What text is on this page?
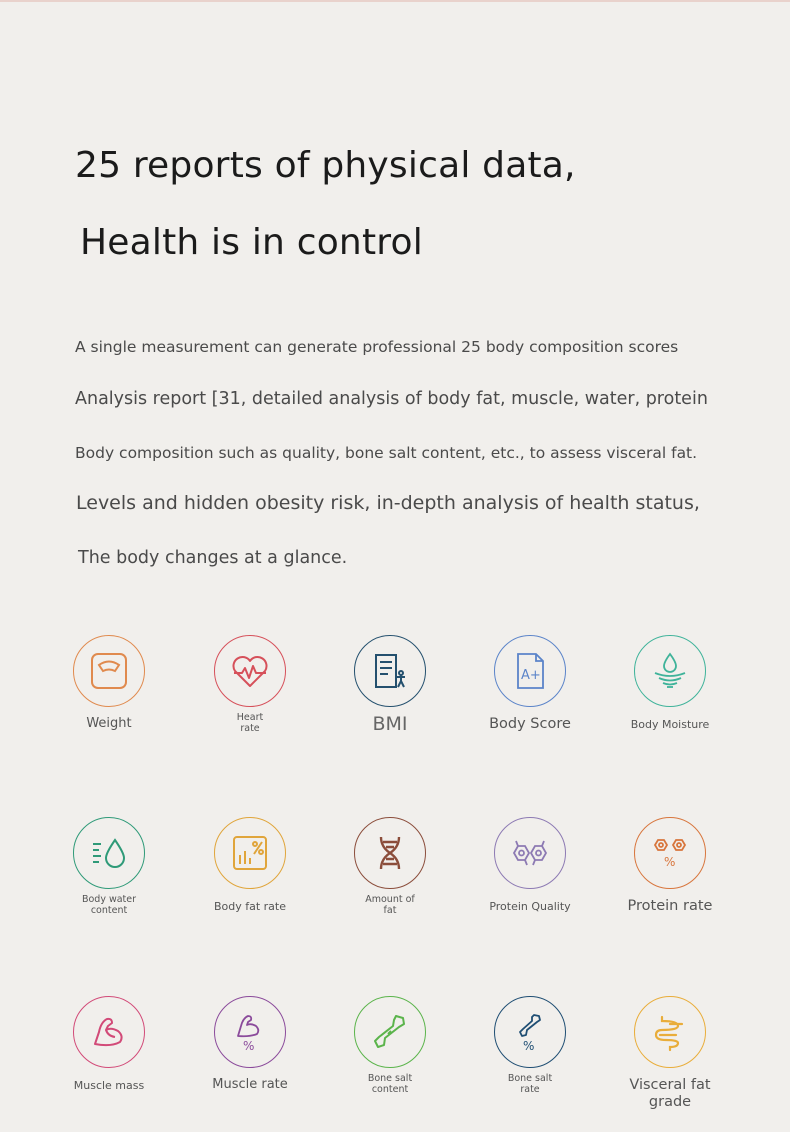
25 reports of physical data,
Health is in control
A single measurement can generate professional 25 body composition scores
Analysis report [31, detailed analysis of body fat, muscle, water, protein
Body composition such as quality, bone salt content, etc., to assess visceral fat.
Levels and hidden obesity risk, in-depth analysis of health status,
The body changes at a glance.
Weight	Heart rate	BMI
A+
Body Score	Body Moisture
Body water content	Body fat rate
Amount of fat	Protein Quality
%
Protein rate
Muscle mass
%
Muscle rate	Bone salt content
%
Bone salt rate	Visceral fat grade
